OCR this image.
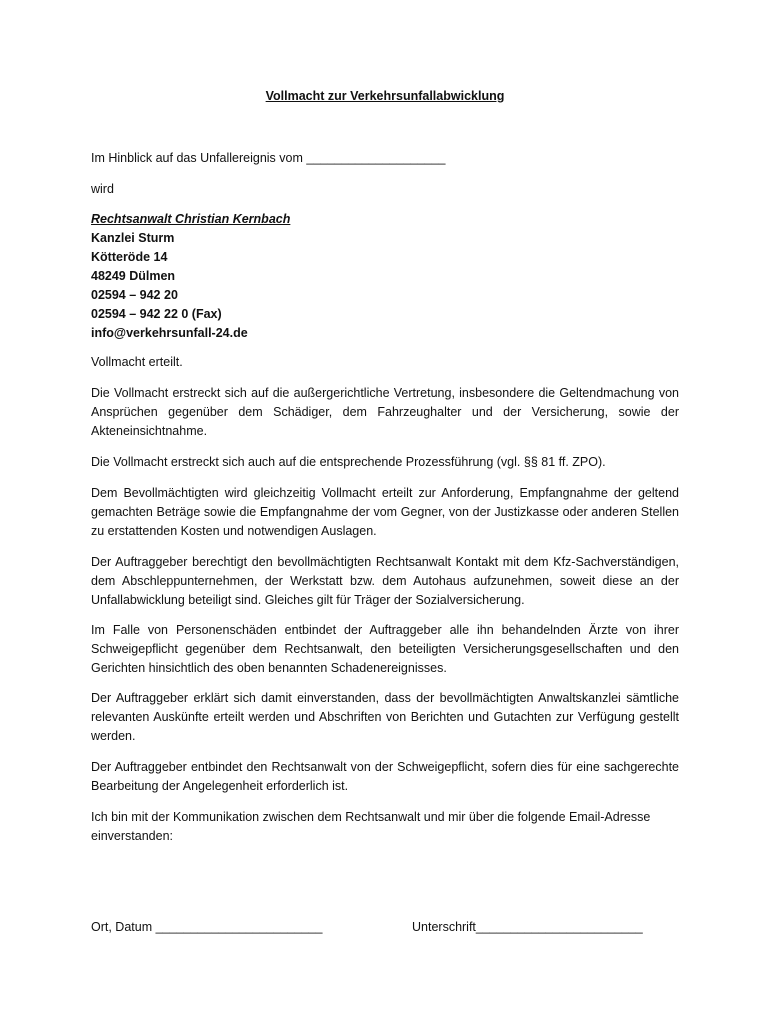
Vollmacht zur Verkehrsunfallabwicklung

Im Hinblick auf das Unfallereignis vom ____________________

wird

Rechtsanwalt Christian Kernbach

Kanzlei Sturm

Kötteröde 14

48249 Dülmen

02594 – 942 20

02594 – 942 22 0 (Fax)

info@verkehrsunfall-24.de

Vollmacht erteilt.

Die Vollmacht erstreckt sich auf die außergerichtliche Vertretung, insbesondere die Geltendmachung von Ansprüchen gegenüber dem Schädiger, dem Fahrzeughalter und der Versicherung, sowie der Akteneinsichtnahme.

Die Vollmacht erstreckt sich auch auf die entsprechende Prozessführung (vgl. §§ 81 ff. ZPO).

Dem Bevollmächtigten wird gleichzeitig Vollmacht erteilt zur Anforderung, Empfangnahme der geltend gemachten Beträge sowie die Empfangnahme der vom Gegner, von der Justizkasse oder anderen Stellen zu erstattenden Kosten und notwendigen Auslagen.

Der Auftraggeber berechtigt den bevollmächtigten Rechtsanwalt Kontakt mit dem Kfz-Sachverständigen, dem Abschleppunternehmen, der Werkstatt bzw. dem Autohaus aufzunehmen, soweit diese an der Unfallabwicklung beteiligt sind. Gleiches gilt für Träger der Sozialversicherung.

Im Falle von Personenschäden entbindet der Auftraggeber alle ihn behandelnden Ärzte von ihrer Schweigepflicht gegenüber dem Rechtsanwalt, den beteiligten Versicherungsgesellschaften und den Gerichten hinsichtlich des oben benannten Schadenereignisses.

Der Auftraggeber erklärt sich damit einverstanden, dass der bevollmächtigten Anwaltskanzlei sämtliche relevanten Auskünfte erteilt werden und Abschriften von Berichten und Gutachten zur Verfügung gestellt werden.

Der Auftraggeber entbindet den Rechtsanwalt von der Schweigepflicht, sofern dies für eine sachgerechte Bearbeitung der Angelegenheit erforderlich ist.

Ich bin mit der Kommunikation zwischen dem Rechtsanwalt und mir über die folgende Email-Adresse einverstanden:

Ort, Datum ________________________	Unterschrift________________________
